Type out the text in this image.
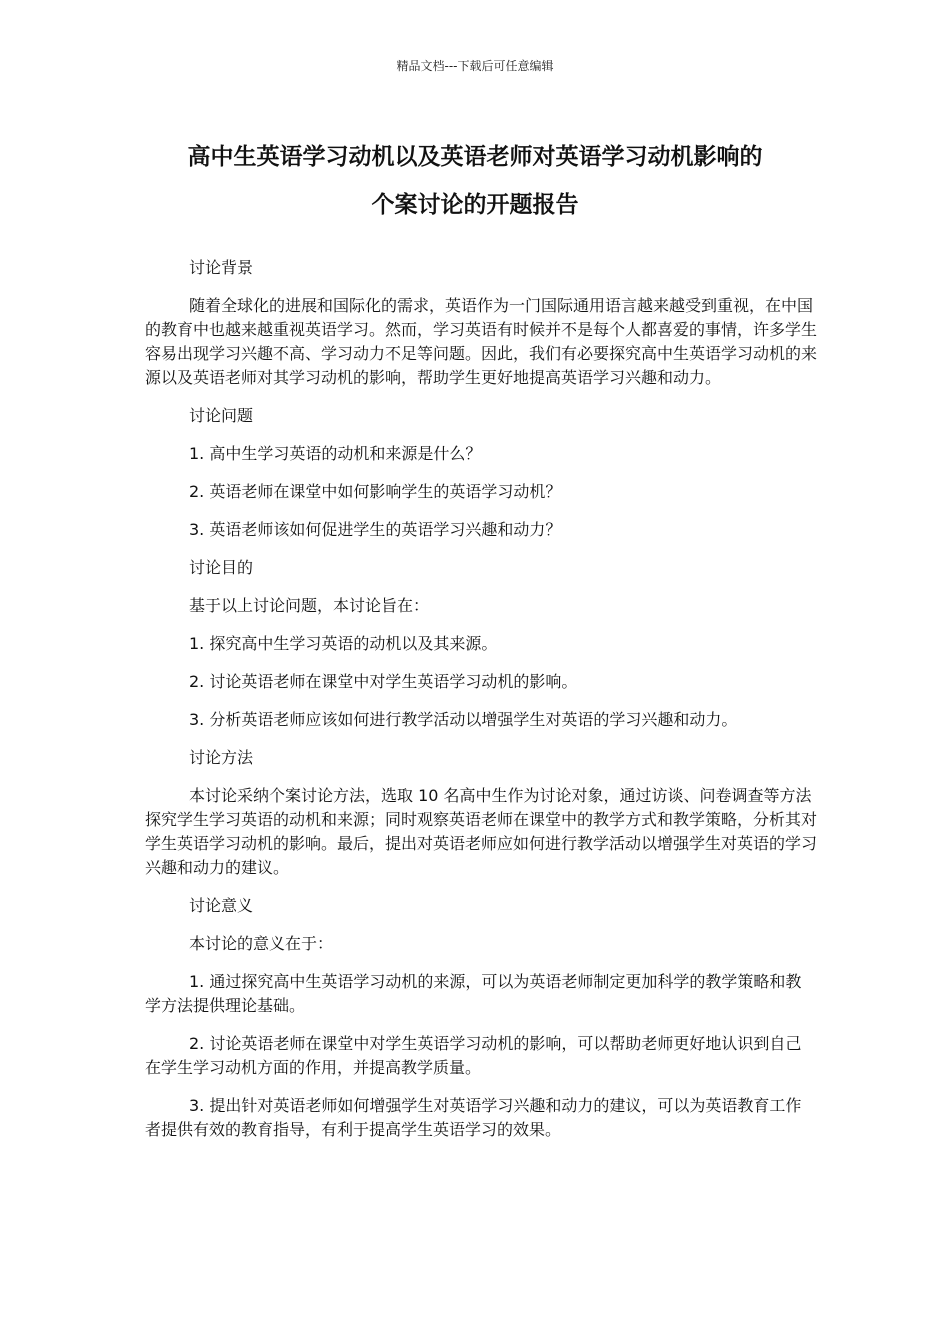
精品文档---下载后可任意编辑
高中生英语学习动机以及英语老师对英语学习动机影响的
个案讨论的开题报告

讨论背景

随着全球化的进展和国际化的需求，英语作为一门国际通用语言越来越受到重视，在中国的教育中也越来越重视英语学习。然而，学习英语有时候并不是每个人都喜爱的事情，许多学生容易出现学习兴趣不高、学习动力不足等问题。因此，我们有必要探究高中生英语学习动机的来源以及英语老师对其学习动机的影响，帮助学生更好地提高英语学习兴趣和动力。

讨论问题

1. 高中生学习英语的动机和来源是什么？

2. 英语老师在课堂中如何影响学生的英语学习动机？

3. 英语老师该如何促进学生的英语学习兴趣和动力？

讨论目的

基于以上讨论问题，本讨论旨在：

1. 探究高中生学习英语的动机以及其来源。

2. 讨论英语老师在课堂中对学生英语学习动机的影响。

3. 分析英语老师应该如何进行教学活动以增强学生对英语的学习兴趣和动力。

讨论方法

本讨论采纳个案讨论方法，选取 10 名高中生作为讨论对象，通过访谈、问卷调查等方法探究学生学习英语的动机和来源；同时观察英语老师在课堂中的教学方式和教学策略，分析其对学生英语学习动机的影响。最后，提出对英语老师应如何进行教学活动以增强学生对英语的学习兴趣和动力的建议。

讨论意义

本讨论的意义在于：

1. 通过探究高中生英语学习动机的来源，可以为英语老师制定更加科学的教学策略和教学方法提供理论基础。

2. 讨论英语老师在课堂中对学生英语学习动机的影响，可以帮助老师更好地认识到自己在学生学习动机方面的作用，并提高教学质量。

3. 提出针对英语老师如何增强学生对英语学习兴趣和动力的建议，可以为英语教育工作者提供有效的教育指导，有利于提高学生英语学习的效果。
